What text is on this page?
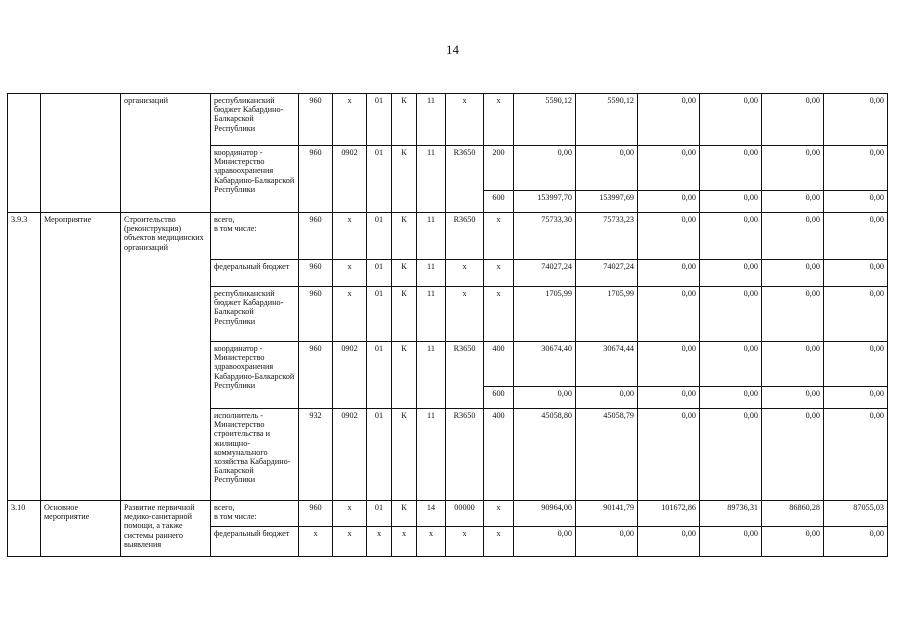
14
		организаций	республиканский бюджет Кабардино-Балкарской Республики	960	x	01	К	11	x	x	5590,12	5590,12	0,00	0,00	0,00	0,00
			координатор - Министерство здравоохранения Кабардино-Балкарской Республики	960	0902	01	К	11	R3650	200	0,00	0,00	0,00	0,00	0,00	0,00
										600	153997,70	153997,69	0,00	0,00	0,00	0,00
3.9.3	Мероприятие	Строительство (реконструкция) объектов медицинских организаций	всего,
в том числе:	960	x	01	К	11	R3650	x	75733,30	75733,23	0,00	0,00	0,00	0,00
			федеральный бюджет	960	x	01	К	11	x	x	74027,24	74027,24	0,00	0,00	0,00	0,00
			республиканский бюджет Кабардино-Балкарской Республики	960	x	01	К	11	x	x	1705,99	1705,99	0,00	0,00	0,00	0,00
			координатор - Министерство здравоохранения Кабардино-Балкарской Республики	960	0902	01	К	11	R3650	400	30674,40	30674,44	0,00	0,00	0,00	0,00
										600	0,00	0,00	0,00	0,00	0,00	0,00
			исполнитель - Министерство строительства и жилищно-коммунального хозяйства Кабардино-Балкарской Республики	932	0902	01	К	11	R3650	400	45058,80	45058,79	0,00	0,00	0,00	0,00
3.10	Основное мероприятие	Развитие первичной медико-санитарной помощи, а также системы раннего выявления	всего,
в том числе:	960	x	01	К	14	00000	x	90964,00	90141,79	101672,86	89736,31	86860,28	87055,03
			федеральный бюджет	x	x	x	x	x	x	x	0,00	0,00	0,00	0,00	0,00	0,00
